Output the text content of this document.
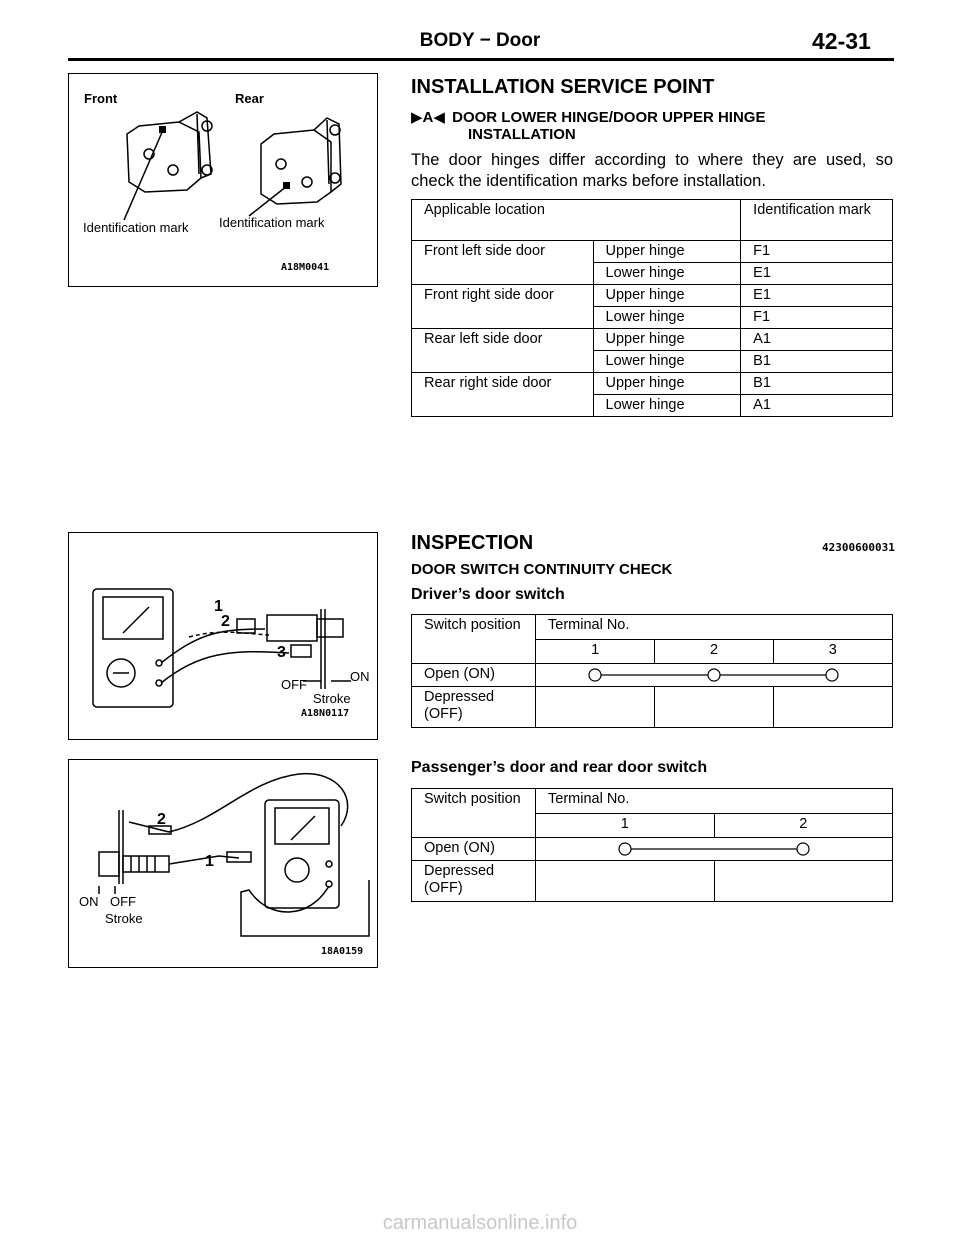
BODY − Door	42-31
Front	Rear
Identification mark Identification mark
A18M0041
1
2
3
OFF
ON
Stroke
A18N0117
2
1
ON OFF
Stroke
18A0159
INSTALLATION SERVICE POINT
▶A◀ DOOR LOWER HINGE/DOOR UPPER HINGE
INSTALLATION
The door hinges differ according to where they are used, so check the identification marks before installation.
Applicable location		Identification mark
Front left side door	Upper hinge	F1
	Lower hinge	E1
Front right side door	Upper hinge	E1
	Lower hinge	F1
Rear left side door	Upper hinge	A1
	Lower hinge	B1
Rear right side door	Upper hinge	B1
	Lower hinge	A1
INSPECTION	42300600031
DOOR SWITCH CONTINUITY CHECK
Driver’s door switch
Switch position	Terminal No.		
	1	2	3
Open (ON)	

Depressed (OFF)			
Passenger’s door and rear door switch
Switch position	Terminal No.	
	1	2
Open (ON)	

Depressed (OFF)		
carmanualsonline.info
